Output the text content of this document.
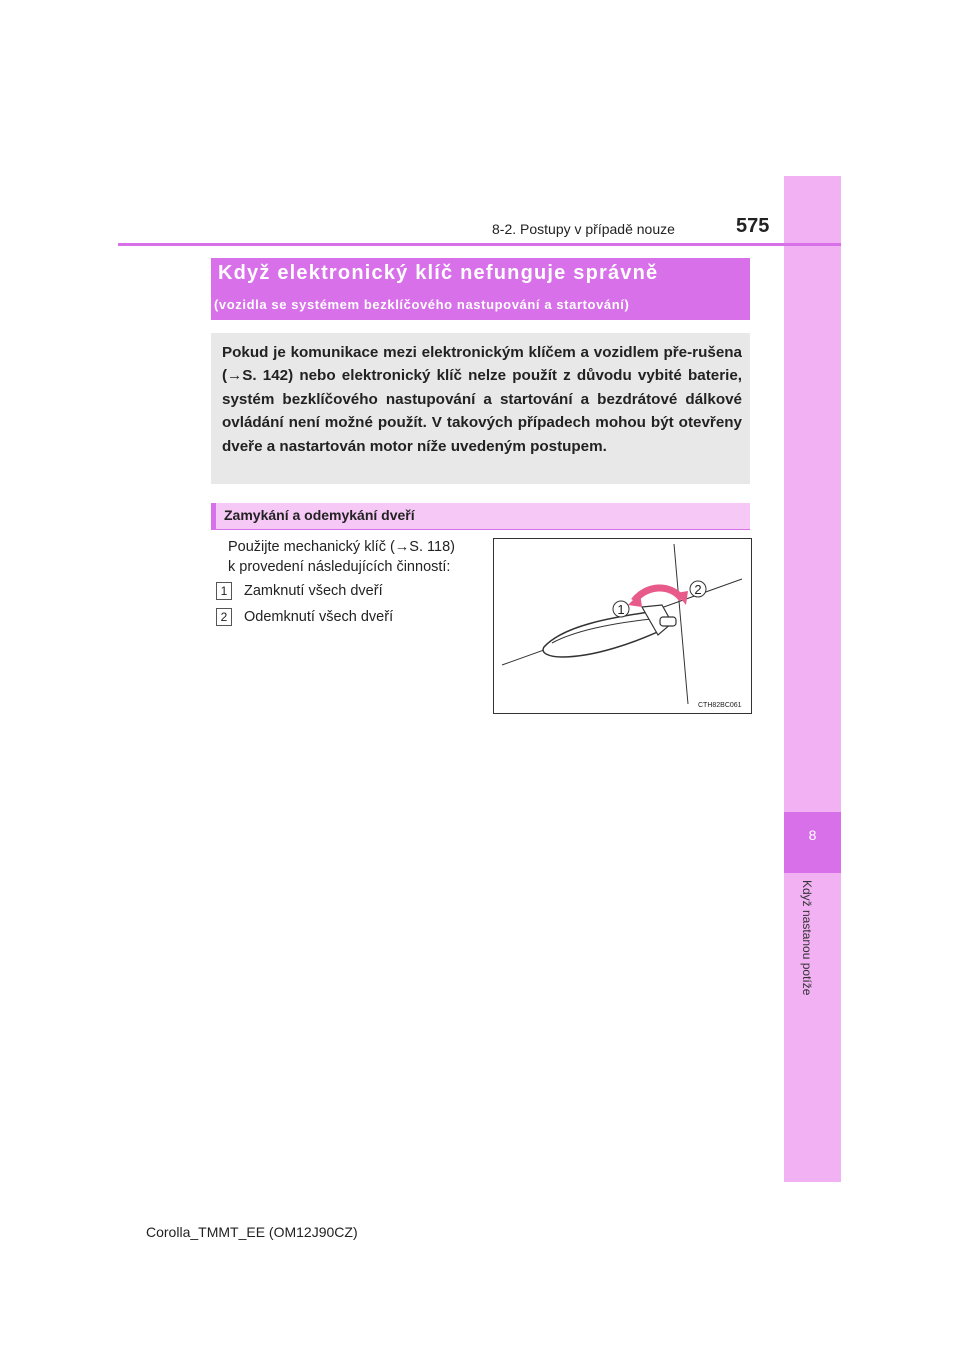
8
Když nastanou potíže
8-2. Postupy v případě nouze	575
Když elektronický klíč nefunguje správně
(vozidla se systémem bezklíčového nastupování a startování)
Pokud je komunikace mezi elektronickým klíčem a vozidlem pře-rušena (→S. 142) nebo elektronický klíč nelze použít z důvodu vybité baterie, systém bezklíčového nastupování a startování a bezdrátové dálkové ovládání není možné použít. V takových případech mohou být otevřeny dveře a nastartován motor níže uvedeným postupem.
Zamykání a odemykání dveří
Použijte mechanický klíč (→S. 118)
k provedení následujících činností:
1	Zamknutí všech dveří
2	Odemknutí všech dveří	1
2
CTH82BC061
Corolla_TMMT_EE (OM12J90CZ)
